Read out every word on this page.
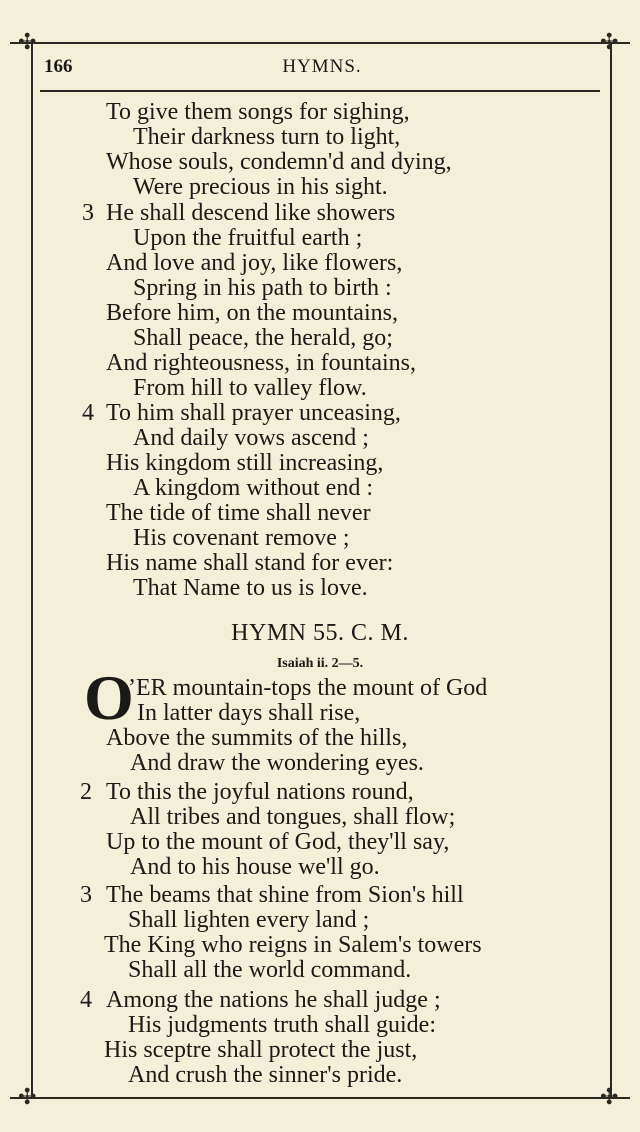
✣	✣
✣	✣
166	HYMNS.
To give them songs for sighing,
Their darkness turn to light,
Whose souls, condemn'd and dying,
Were precious in his sight.
3 He shall descend like showers
Upon the fruitful earth ;
And love and joy, like flowers,
Spring in his path to birth :
Before him, on the mountains,
Shall peace, the herald, go;
And righteousness, in fountains,
From hill to valley flow.
4 To him shall prayer unceasing,
And daily vows ascend ;
His kingdom still increasing,
A kingdom without end :
The tide of time shall never
His covenant remove ;
His name shall stand for ever:
That Name to us is love.
HYMN 55. C. M.
Isaiah ii. 2—5.
O
’ER mountain-tops the mount of God
In latter days shall rise,
Above the summits of the hills,
And draw the wondering eyes.
2 To this the joyful nations round,
All tribes and tongues, shall flow;
Up to the mount of God, they'll say,
And to his house we'll go.
3 The beams that shine from Sion's hill
Shall lighten every land ;
The King who reigns in Salem's towers
Shall all the world command.
4 Among the nations he shall judge ;
His judgments truth shall guide:
His sceptre shall protect the just,
And crush the sinner's pride.
